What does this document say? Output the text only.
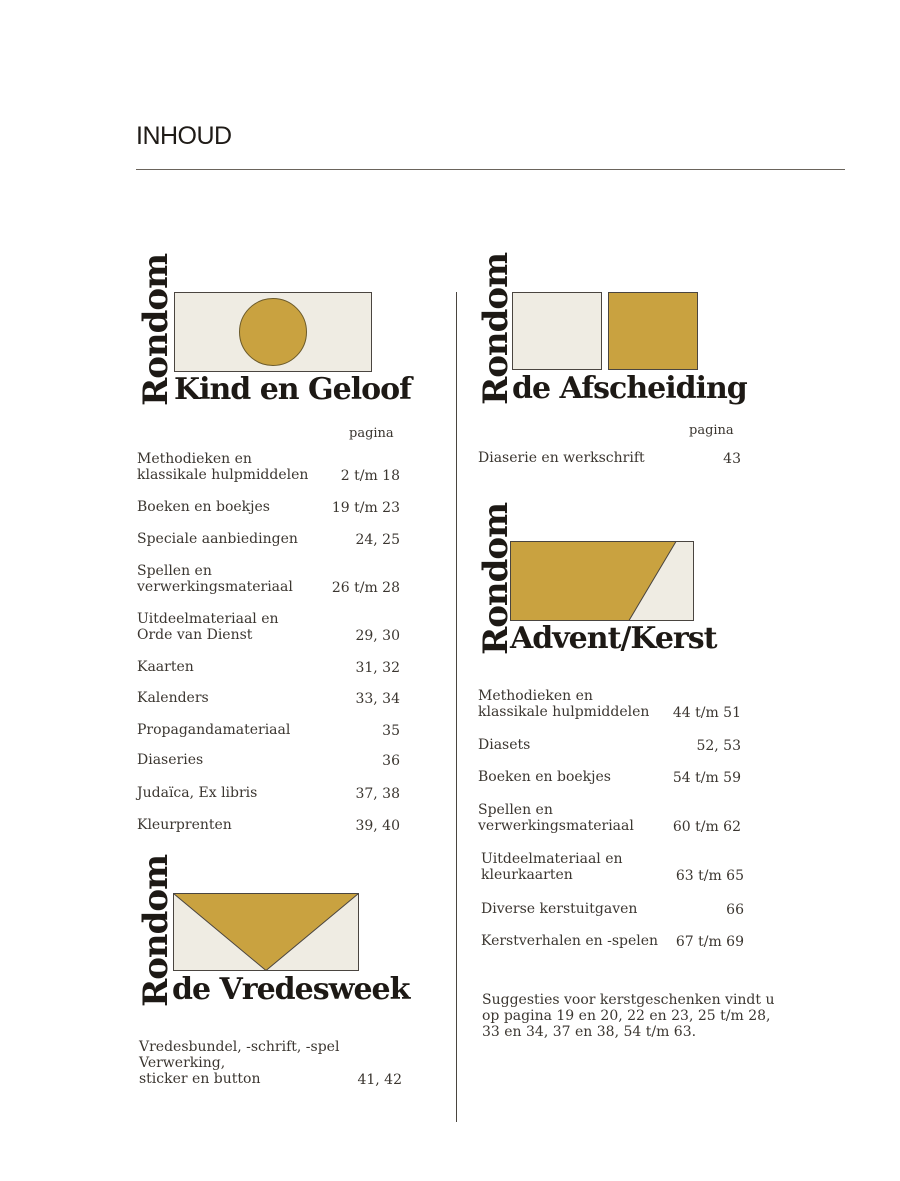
INHOUD
Rondom
Kind en Geloof
pagina
Methodieken en
klassikale hulpmiddelen 2 t/m 18
Boeken en boekjes	19 t/m 23
Speciale aanbiedingen	24, 25
Spellen en
verwerkingsmateriaal	26 t/m 28
Uitdeelmateriaal en
Orde van Dienst	29, 30
Kaarten	31, 32
Kalenders	33, 34
Propagandamateriaal	35
Diaseries	36
Judaïca, Ex libris	37, 38
Kleurprenten	39, 40
Rondom
de Vredesweek
Vredesbundel, -schrift, -spel
Verwerking,
sticker en button	41, 42
Rondom
de Afscheiding
pagina
Diaserie en werkschrift	43
Rondom
Advent/Kerst
Methodieken en
klassikale hulpmiddelen 44 t/m 51
Diasets	52, 53
Boeken en boekjes	54 t/m 59
Spellen en
verwerkingsmateriaal	60 t/m 62
Uitdeelmateriaal en
kleurkaarten	63 t/m 65
Diverse kerstuitgaven	66
Kerstverhalen en -spelen 67 t/m 69
Suggesties voor kerstgeschenken vindt u
op pagina 19 en 20, 22 en 23, 25 t/m 28,
33 en 34, 37 en 38, 54 t/m 63.
